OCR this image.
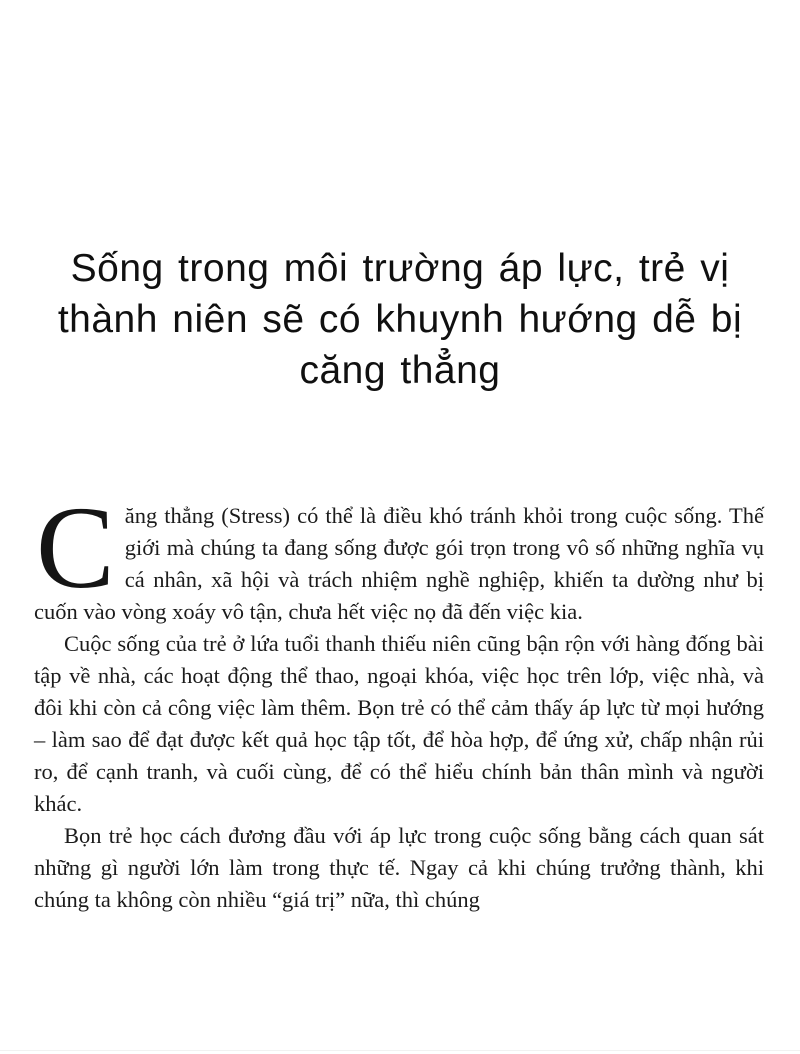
Sống trong môi trường áp lực, trẻ vị
thành niên sẽ có khuynh hướng dễ bị
căng thẳng

Căng thẳng (Stress) có thể là điều khó tránh khỏi trong cuộc sống. Thế giới mà chúng ta đang sống được gói trọn trong vô số những nghĩa vụ cá nhân, xã hội và trách nhiệm nghề nghiệp, khiến ta dường như bị cuốn vào vòng xoáy vô tận, chưa hết việc nọ đã đến việc kia.

Cuộc sống của trẻ ở lứa tuổi thanh thiếu niên cũng bận rộn với hàng đống bài tập về nhà, các hoạt động thể thao, ngoại khóa, việc học trên lớp, việc nhà, và đôi khi còn cả công việc làm thêm. Bọn trẻ có thể cảm thấy áp lực từ mọi hướng – làm sao để đạt được kết quả học tập tốt, để hòa hợp, để ứng xử, chấp nhận rủi ro, để cạnh tranh, và cuối cùng, để có thể hiểu chính bản thân mình và người khác.

Bọn trẻ học cách đương đầu với áp lực trong cuộc sống bằng cách quan sát những gì người lớn làm trong thực tế. Ngay cả khi chúng trưởng thành, khi chúng ta không còn nhiều “giá trị” nữa, thì chúng
